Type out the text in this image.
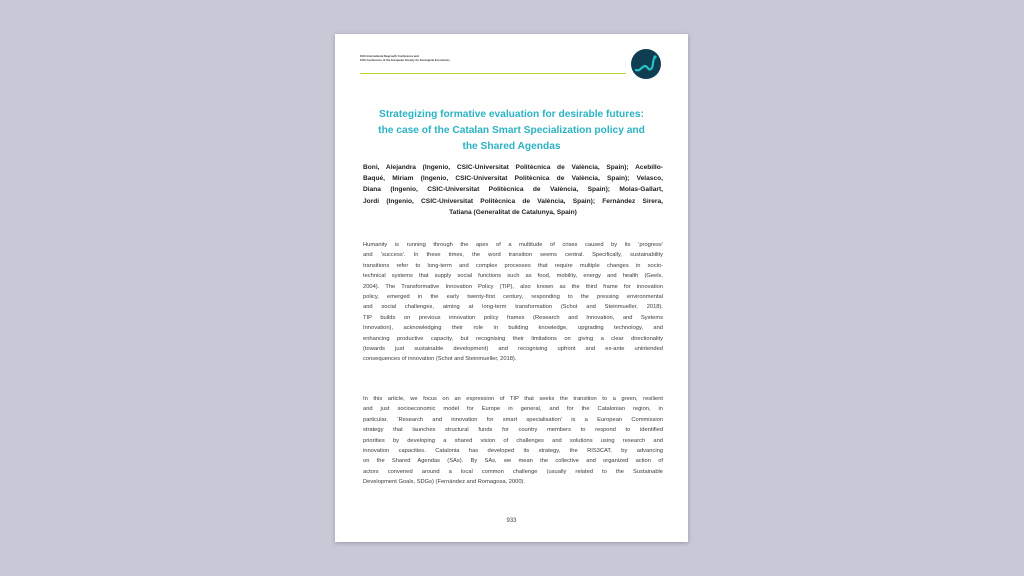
10th International Degrowth Conference and
15th Conference of the European Society for Ecological Economics
Strategizing formative evaluation for desirable futures:
the case of the Catalan Smart Specialization policy and
the Shared Agendas
Boni, Alejandra (Ingenio, CSIC-Universitat Politècnica de València, Spain); Acebillo-
Baqué, Miriam (Ingenio, CSIC-Universitat Politècnica de València, Spain); Velasco,
Diana (Ingenio, CSIC-Universitat Politècnica de València, Spain); Molas-Gallart,
Jordi (Ingenio, CSIC-Universitat Politècnica de València, Spain); Fernández Sirera,
Tatiana (Generalitat de Catalunya, Spain)
Humanity is running through the apex of a multitude of crises caused by its ‘progress’
and ‘success’. In these times, the word transition seems central. Specifically, sustainability
transitions refer to long-term and complex processes that require multiple changes in socio-
technical systems that supply social functions such as food, mobility, energy and health (Geels,
2004). The Transformative Innovation Policy (TIP), also known as the third frame for innovation
policy, emerged in the early twenty-first century, responding to the pressing environmental
and social challenges, aiming at long-term transformation (Schot and Steinmueller, 2018).
TIP builds on previous innovation policy frames (Research and Innovation, and Systems
Innovation), acknowledging their role in building knowledge, upgrading technology, and
enhancing productive capacity, but recognising their limitations on giving a clear directionality
(towards just sustainable development) and recognising upfront and ex-ante unintended
consequences of innovation (Schot and Steinmueller, 2018).
In this article, we focus on an expression of TIP that seeks the transition to a green, resilient
and just socioeconomic model for Europe in general, and for the Catalonian region, in
particular. ‘Research and innovation for smart specialisation’ is a European Commission
strategy that launches structural funds for country members to respond to identified
priorities by developing a shared vision of challenges and solutions using research and
innovation capacities. Catalonia has developed its strategy, the RIS3CAT, by advancing
on the Shared Agendas (SAs). By SAs, we mean the collective and organized action of
actors convened around a local common challenge (usually related to the Sustainable
Development Goals, SDGs) (Fernández and Romagosa, 2000).
933
